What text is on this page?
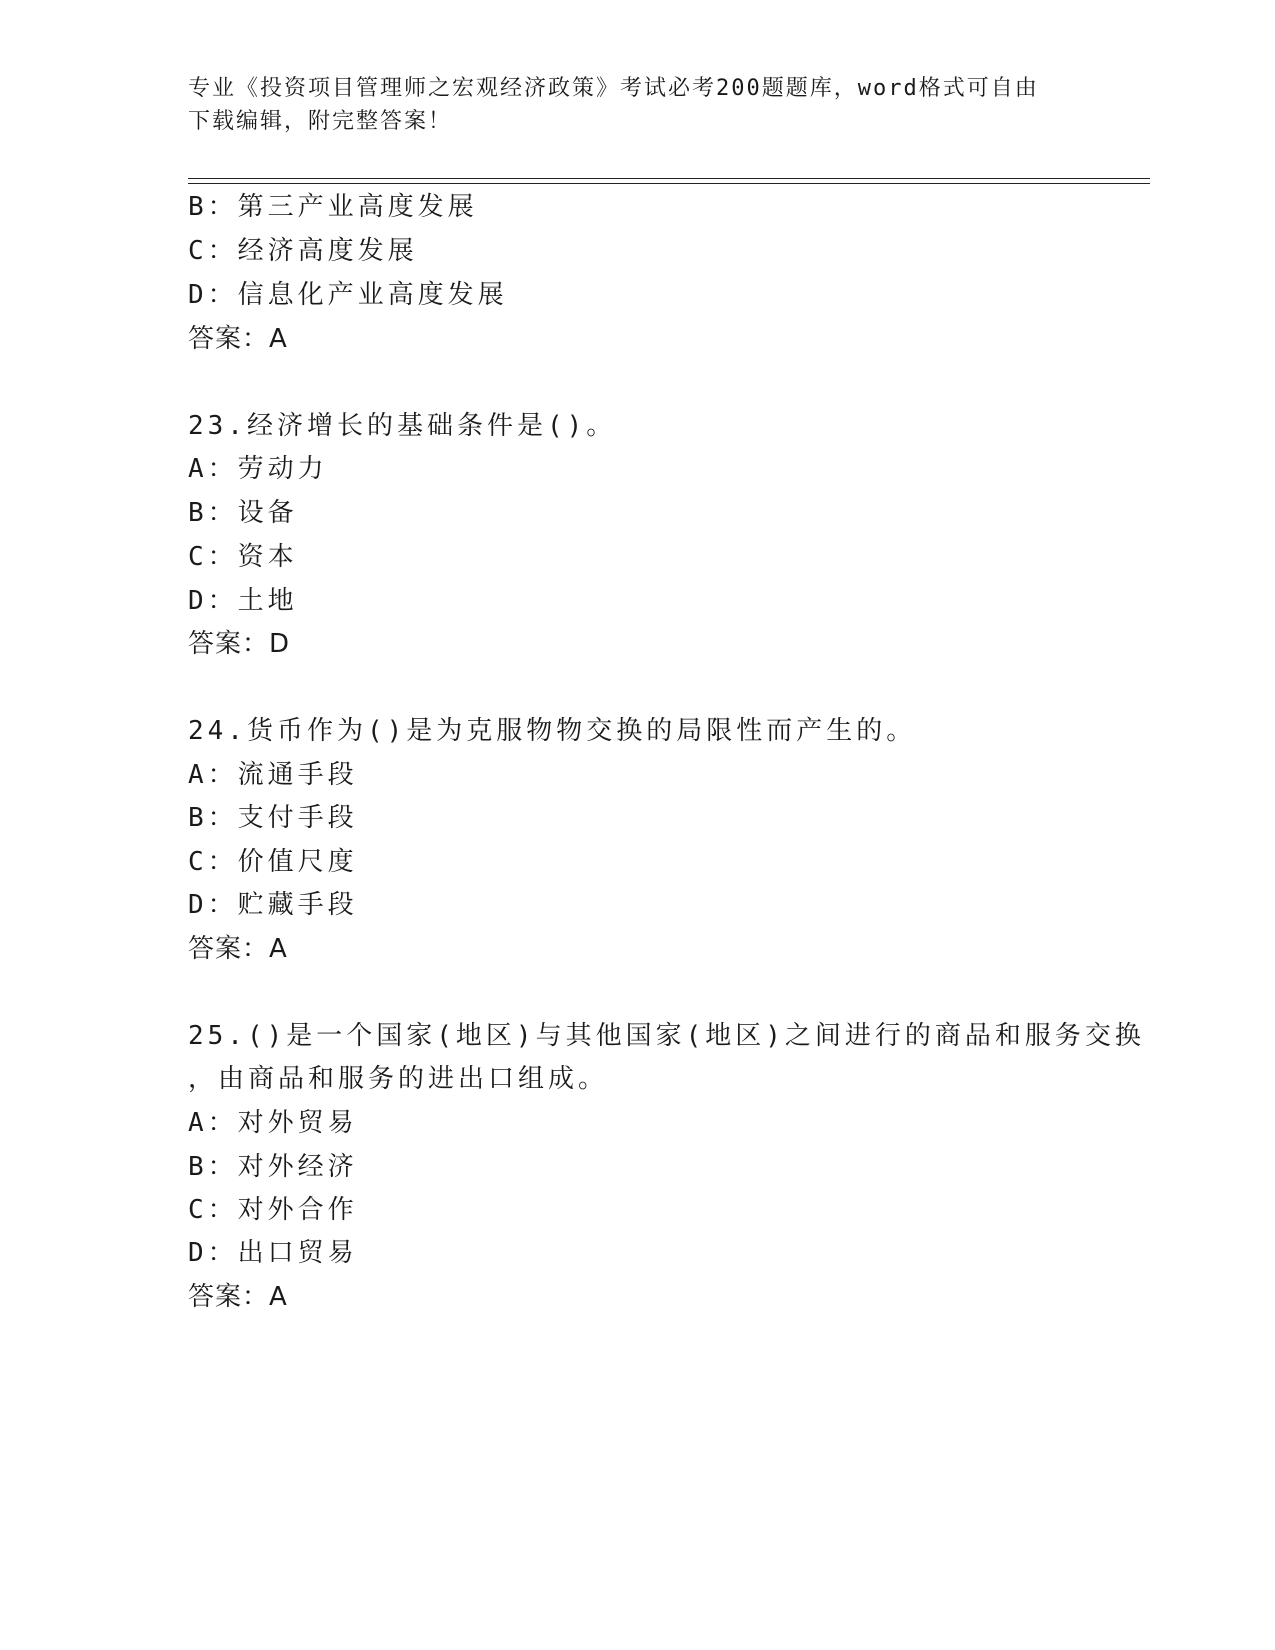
专业《投资项目管理师之宏观经济政策》考试必考200题题库，word格式可自由
下载编辑，附完整答案！
B：第三产业高度发展
C：经济高度发展
D：信息化产业高度发展
答案：A
23.经济增长的基础条件是()。
A：劳动力
B：设备
C：资本
D：土地
答案：D
24.货币作为()是为克服物物交换的局限性而产生的。
A：流通手段
B：支付手段
C：价值尺度
D：贮藏手段
答案：A
25.()是一个国家(地区)与其他国家(地区)之间进行的商品和服务交换
，由商品和服务的进出口组成。
A：对外贸易
B：对外经济
C：对外合作
D：出口贸易
答案：A
